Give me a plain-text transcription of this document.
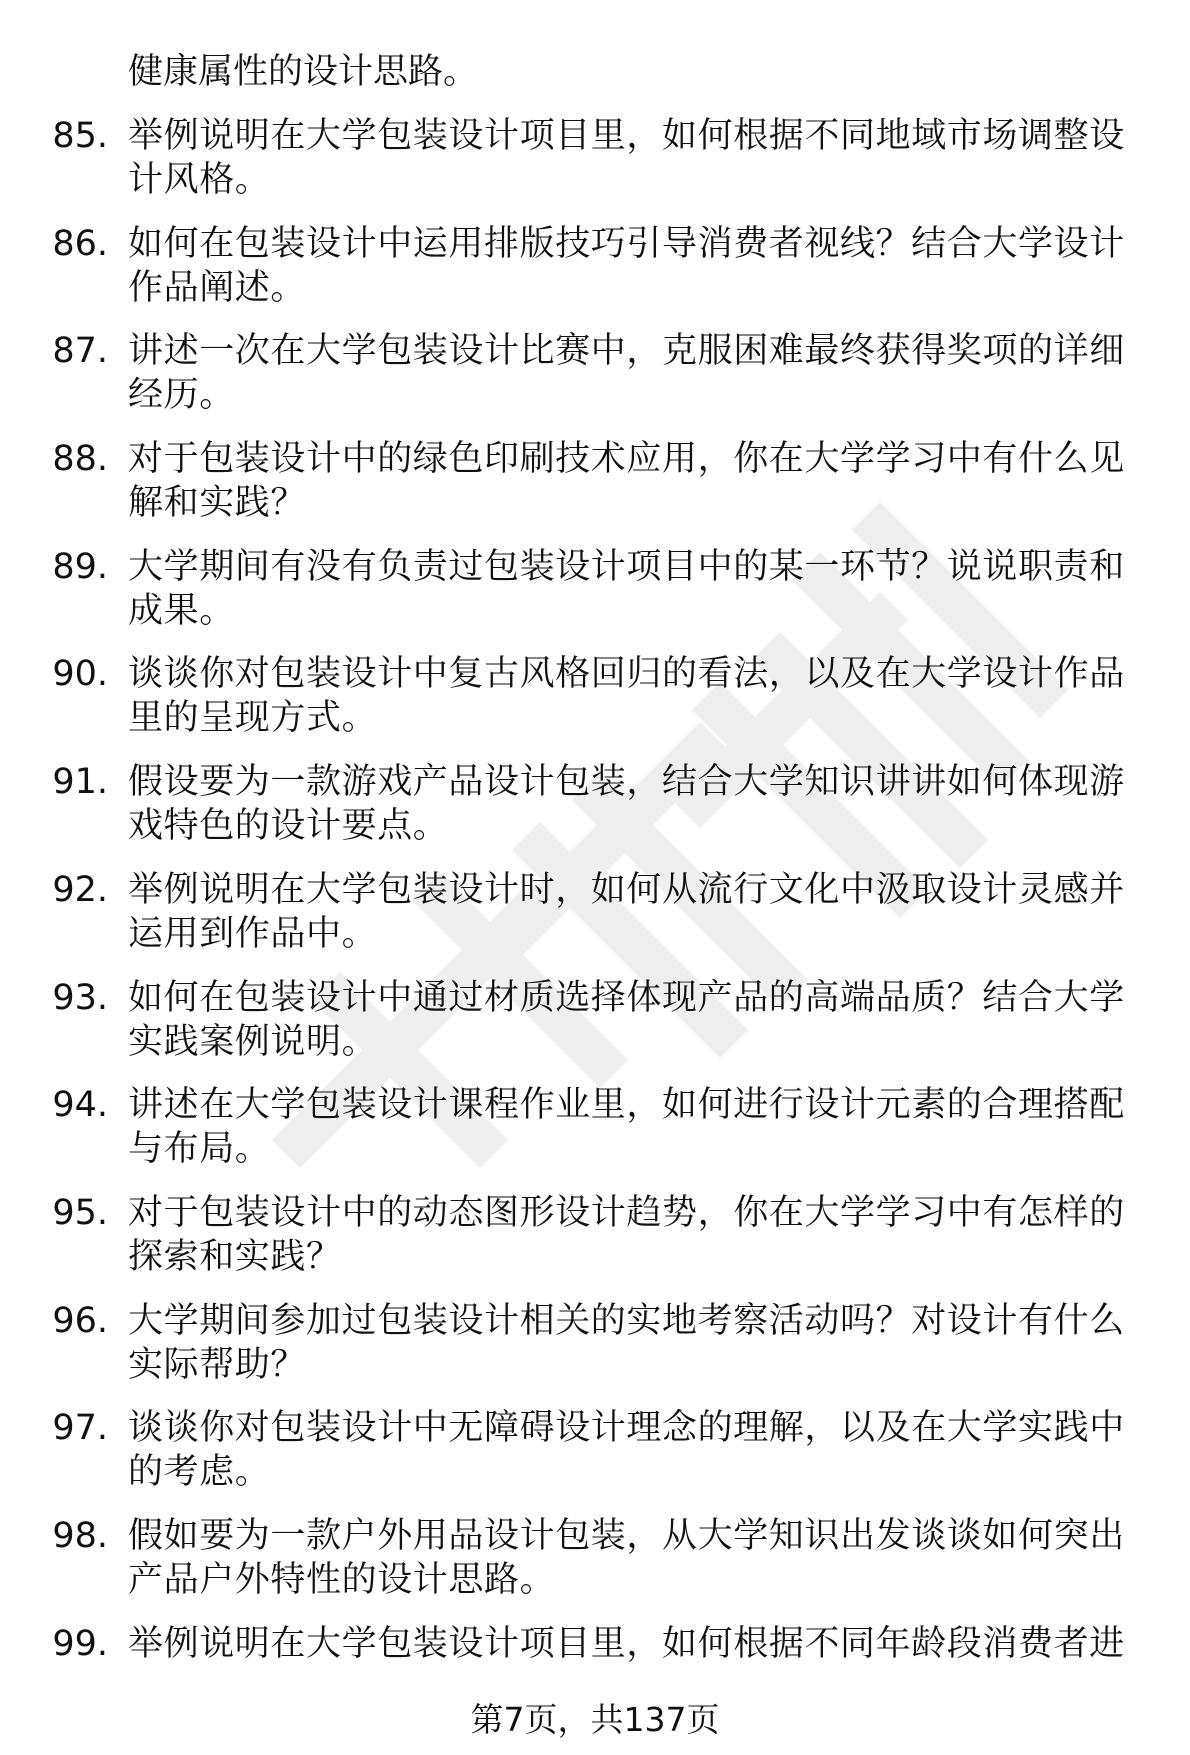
健康属性的设计思路。
85. 举例说明在大学包装设计项目里，如何根据不同地域市场调整设计风格。
86. 如何在包装设计中运用排版技巧引导消费者视线？结合大学设计作品阐述。
87. 讲述一次在大学包装设计比赛中，克服困难最终获得奖项的详细经历。
88. 对于包装设计中的绿色印刷技术应用，你在大学学习中有什么见解和实践？
89. 大学期间有没有负责过包装设计项目中的某一环节？说说职责和成果。
90. 谈谈你对包装设计中复古风格回归的看法，以及在大学设计作品里的呈现方式。
91. 假设要为一款游戏产品设计包装，结合大学知识讲讲如何体现游戏特色的设计要点。
92. 举例说明在大学包装设计时，如何从流行文化中汲取设计灵感并运用到作品中。
93. 如何在包装设计中通过材质选择体现产品的高端品质？结合大学实践案例说明。
94. 讲述在大学包装设计课程作业里，如何进行设计元素的合理搭配与布局。
95. 对于包装设计中的动态图形设计趋势，你在大学学习中有怎样的探索和实践？
96. 大学期间参加过包装设计相关的实地考察活动吗？对设计有什么实际帮助？
97. 谈谈你对包装设计中无障碍设计理念的理解，以及在大学实践中的考虑。
98. 假如要为一款户外用品设计包装，从大学知识出发谈谈如何突出产品户外特性的设计思路。
99. 举例说明在大学包装设计项目里，如何根据不同年龄段消费者进
第7页，共137页
